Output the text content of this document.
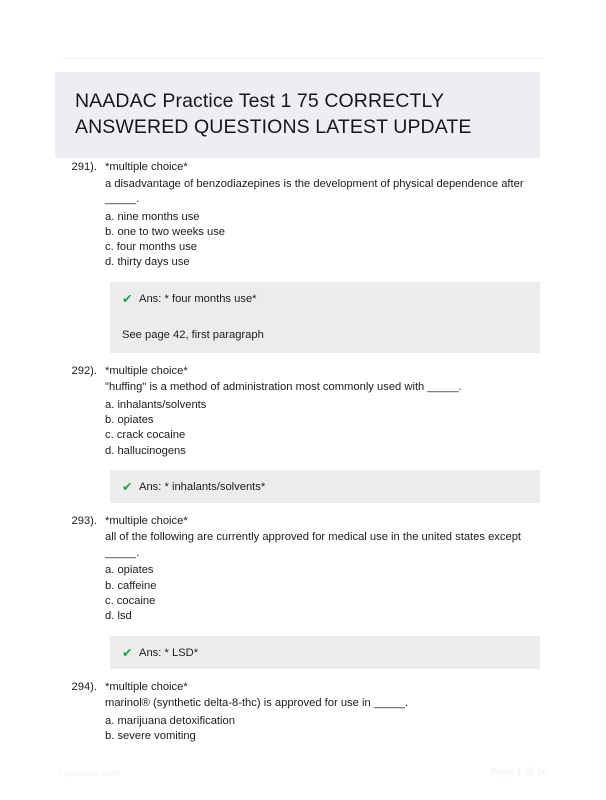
NAADAC Practice Test 1 75 CORRECTLY ANSWERED QUESTIONS LATEST UPDATE
291). *multiple choice*
a disadvantage of benzodiazepines is the development of physical dependence after
_____.
a. nine months use
b. one to two weeks use
c. four months use
d. thirty days use
✔ Ans: * four months use*
See page 42, first paragraph
292). *multiple choice*
"huffing" is a method of administration most commonly used with _____.
a. inhalants/solvents
b. opiates
c. crack cocaine
d. hallucinogens
✔ Ans: * inhalants/solvents*
293). *multiple choice*
all of the following are currently approved for medical use in the united states except
_____.
a. opiates
b. caffeine
c. cocaine
d. lsd
✔ Ans: * LSD*
294). *multiple choice*
marinol® (synthetic delta-8-thc) is approved for use in _____.
a. marijuana detoxification
b. severe vomiting
PaperStic.com	Page 1 of 20
